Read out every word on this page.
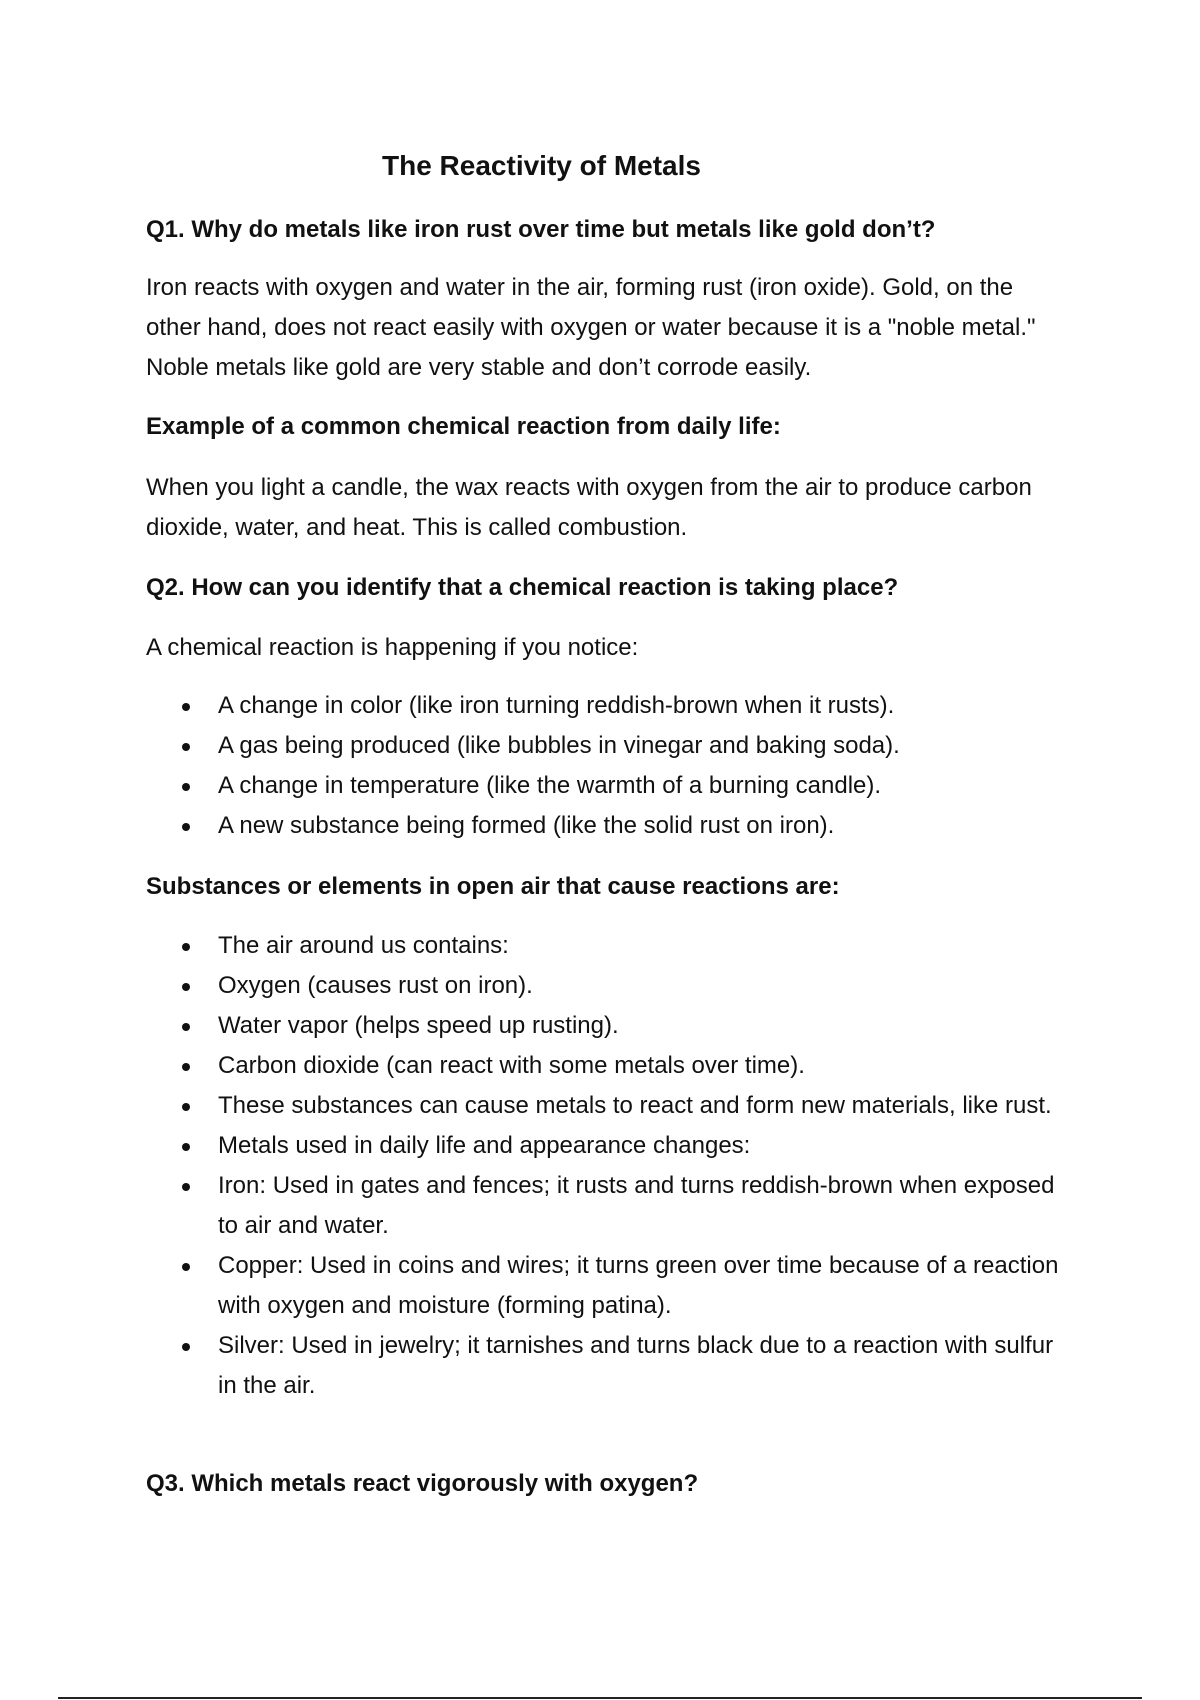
The Reactivity of Metals
Q1. Why do metals like iron rust over time but metals like gold don’t?

Iron reacts with oxygen and water in the air, forming rust (iron oxide). Gold, on the other hand, does not react easily with oxygen or water because it is a "noble metal." Noble metals like gold are very stable and don’t corrode easily.

Example of a common chemical reaction from daily life:

When you light a candle, the wax reacts with oxygen from the air to produce carbon dioxide, water, and heat. This is called combustion.

Q2. How can you identify that a chemical reaction is taking place?

A chemical reaction is happening if you notice:

A change in color (like iron turning reddish-brown when it rusts).
A gas being produced (like bubbles in vinegar and baking soda).
A change in temperature (like the warmth of a burning candle).
A new substance being formed (like the solid rust on iron).
Substances or elements in open air that cause reactions are:
The air around us contains:
Oxygen (causes rust on iron).
Water vapor (helps speed up rusting).
Carbon dioxide (can react with some metals over time).
These substances can cause metals to react and form new materials, like rust.
Metals used in daily life and appearance changes:
Iron: Used in gates and fences; it rusts and turns reddish-brown when exposed to air and water.
Copper: Used in coins and wires; it turns green over time because of a reaction with oxygen and moisture (forming patina).
Silver: Used in jewelry; it tarnishes and turns black due to a reaction with sulfur in the air.
Q3. Which metals react vigorously with oxygen?
